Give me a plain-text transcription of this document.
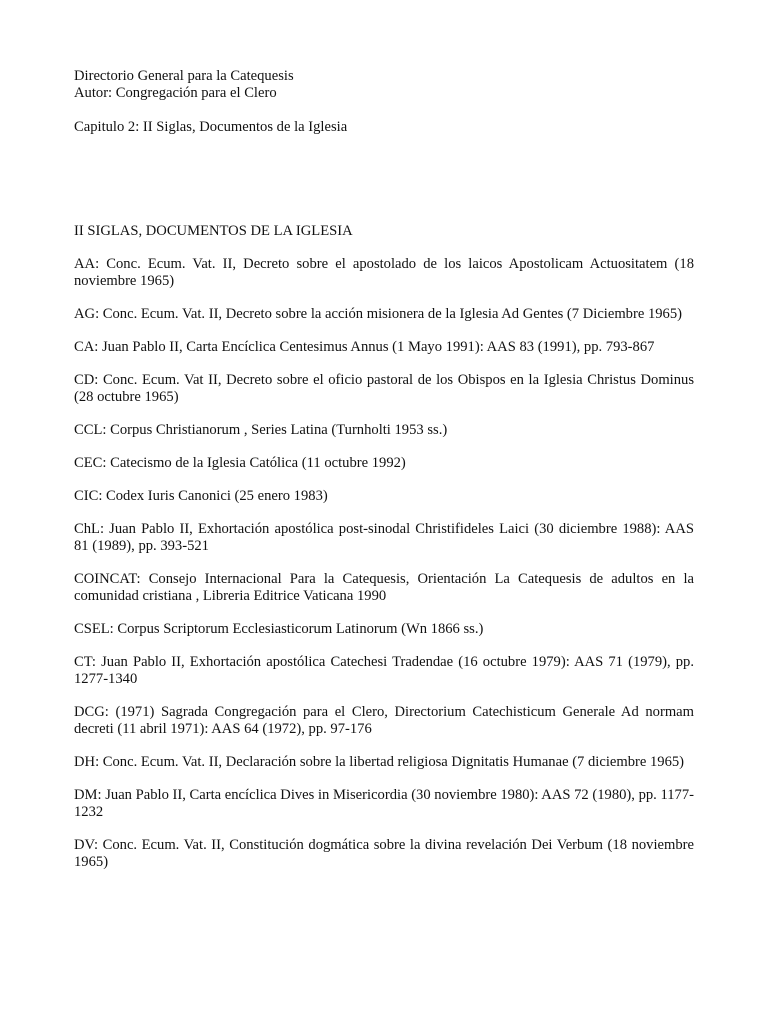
Directorio General para la Catequesis

Autor: Congregación para el Clero

Capitulo 2: II Siglas, Documentos de la Iglesia

II SIGLAS, DOCUMENTOS DE LA IGLESIA

AA: Conc. Ecum. Vat. II, Decreto sobre el apostolado de los laicos Apostolicam Actuositatem (18 noviembre 1965)

AG: Conc. Ecum. Vat. II, Decreto sobre la acción misionera de la Iglesia Ad Gentes (7 Diciembre 1965)

CA: Juan Pablo II, Carta Encíclica Centesimus Annus (1 Mayo 1991): AAS 83 (1991), pp. 793-867

CD: Conc. Ecum. Vat II, Decreto sobre el oficio pastoral de los Obispos en la Iglesia Christus Dominus (28 octubre 1965)

CCL: Corpus Christianorum , Series Latina (Turnholti 1953 ss.)

CEC: Catecismo de la Iglesia Católica (11 octubre 1992)

CIC: Codex Iuris Canonici (25 enero 1983)

ChL: Juan Pablo II, Exhortación apostólica post-sinodal Christifideles Laici (30 diciembre 1988): AAS 81 (1989), pp. 393-521

COINCAT: Consejo Internacional Para la Catequesis, Orientación La Catequesis de adultos en la comunidad cristiana , Libreria Editrice Vaticana 1990

CSEL: Corpus Scriptorum Ecclesiasticorum Latinorum (Wn 1866 ss.)

CT: Juan Pablo II, Exhortación apostólica Catechesi Tradendae (16 octubre 1979): AAS 71 (1979), pp. 1277-1340

DCG: (1971) Sagrada Congregación para el Clero, Directorium Catechisticum Generale Ad normam decreti (11 abril 1971): AAS 64 (1972), pp. 97-176

DH: Conc. Ecum. Vat. II, Declaración sobre la libertad religiosa Dignitatis Humanae (7 diciembre 1965)

DM: Juan Pablo II, Carta encíclica Dives in Misericordia (30 noviembre 1980): AAS 72 (1980), pp. 1177-1232

DV: Conc. Ecum. Vat. II, Constitución dogmática sobre la divina revelación Dei Verbum (18 noviembre 1965)
